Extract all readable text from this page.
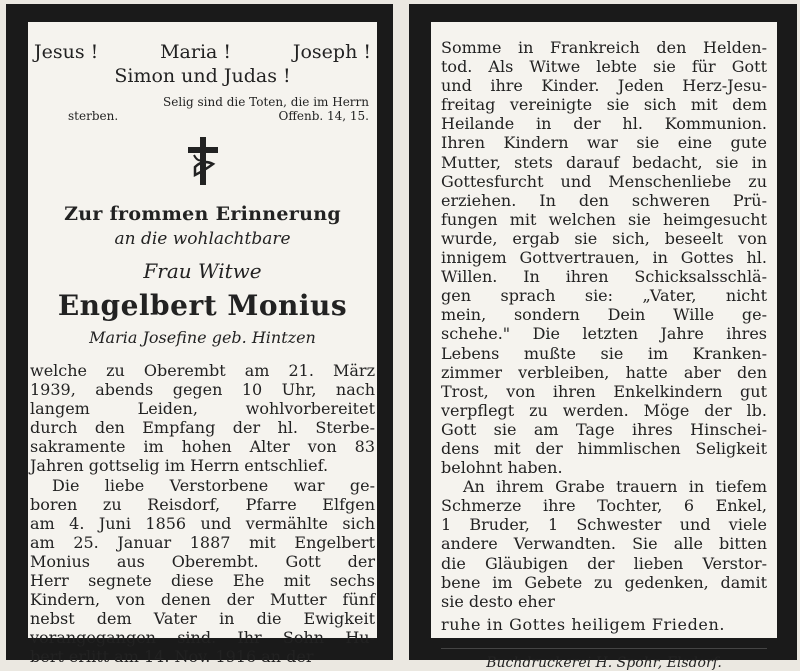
Jesus !	Maria !	Joseph !
Simon und Judas !
Selig sind die Toten, die im Herrn
sterben.	Offenb. 14, 15.
Zur frommen Erinnerung
an die wohlachtbare
Frau Witwe
Engelbert Monius
Maria Josefine geb. Hintzen
welche zu Oberembt am 21. März
1939, abends gegen 10 Uhr, nach
langem Leiden, wohlvorbereitet
durch den Empfang der hl. Sterbe-
sakramente im hohen Alter von 83
Jahren gottselig im Herrn entschlief.
Die liebe Verstorbene war ge-
boren zu Reisdorf, Pfarre Elfgen
am 4. Juni 1856 und vermählte sich
am 25. Januar 1887 mit Engelbert
Monius aus Oberembt. Gott der
Herr segnete diese Ehe mit sechs
Kindern, von denen der Mutter fünf
nebst dem Vater in die Ewigkeit
vorangegangen sind. Ihr Sohn Hu-
bert erlitt am 14. Nov. 1916 an der
Somme in Frankreich den Helden-
tod. Als Witwe lebte sie für Gott
und ihre Kinder. Jeden Herz-Jesu-
freitag vereinigte sie sich mit dem
Heilande in der hl. Kommunion.
Ihren Kindern war sie eine gute
Mutter, stets darauf bedacht, sie in
Gottesfurcht und Menschenliebe zu
erziehen. In den schweren Prü-
fungen mit welchen sie heimgesucht
wurde, ergab sie sich, beseelt von
innigem Gottvertrauen, in Gottes hl.
Willen. In ihren Schicksalsschlä-
gen sprach sie: „Vater, nicht
mein, sondern Dein Wille ge-
schehe." Die letzten Jahre ihres
Lebens mußte sie im Kranken-
zimmer verbleiben, hatte aber den
Trost, von ihren Enkelkindern gut
verpflegt zu werden. Möge der lb.
Gott sie am Tage ihres Hinschei-
dens mit der himmlischen Seligkeit
belohnt haben.
An ihrem Grabe trauern in tiefem
Schmerze ihre Tochter, 6 Enkel,
1 Bruder, 1 Schwester und viele
andere Verwandten. Sie alle bitten
die Gläubigen der lieben Verstor-
bene im Gebete zu gedenken, damit
sie desto eher
ruhe in Gottes heiligem Frieden.
Buchdruckerei H. Spohr, Elsdorf.
